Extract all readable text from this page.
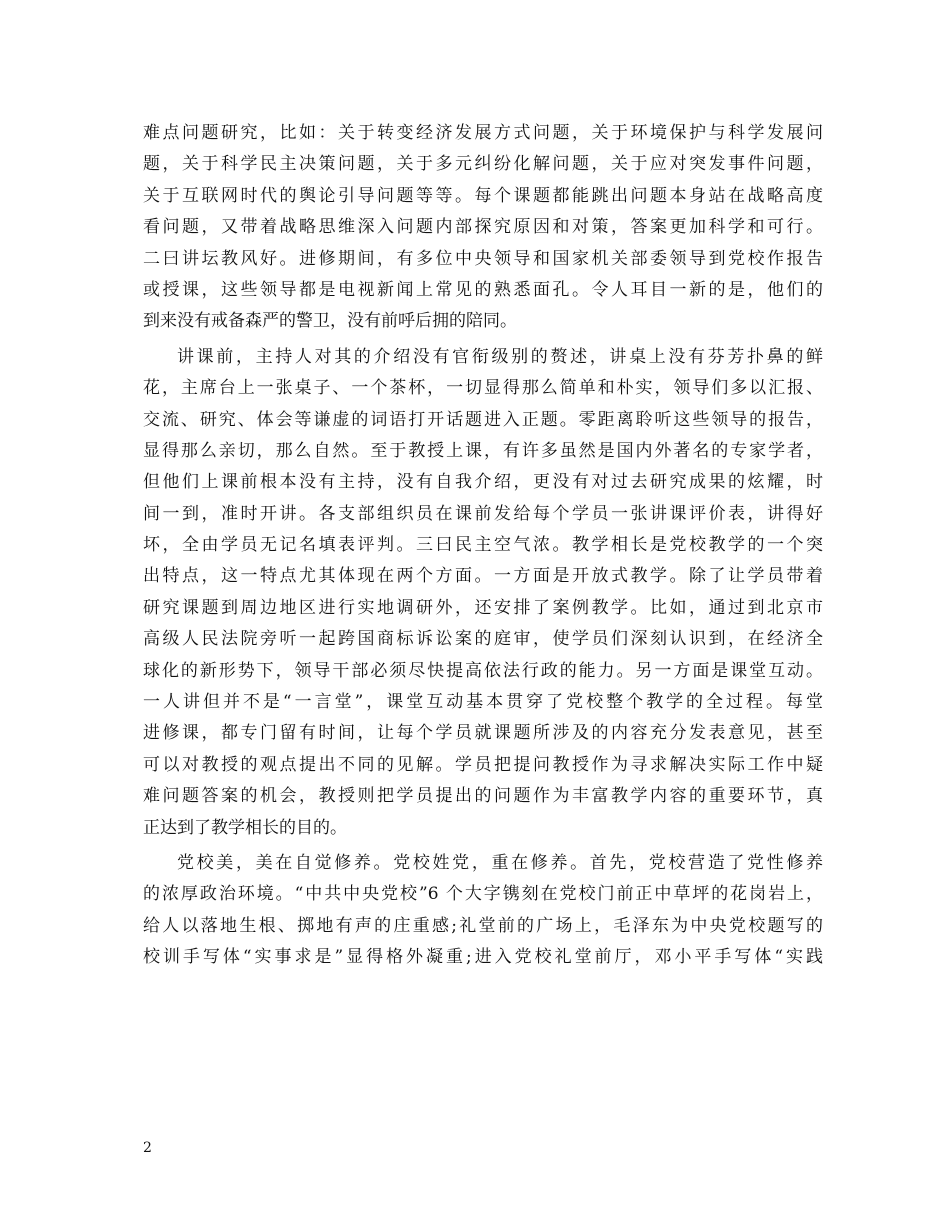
难点问题研究，比如：关于转变经济发展方式问题，关于环境保护与科学发展问
题，关于科学民主决策问题，关于多元纠纷化解问题，关于应对突发事件问题，
关于互联网时代的舆论引导问题等等。每个课题都能跳出问题本身站在战略高度
看问题，又带着战略思维深入问题内部探究原因和对策，答案更加科学和可行。
二曰讲坛教风好。进修期间，有多位中央领导和国家机关部委领导到党校作报告
或授课，这些领导都是电视新闻上常见的熟悉面孔。令人耳目一新的是，他们的
到来没有戒备森严的警卫，没有前呼后拥的陪同。
讲课前，主持人对其的介绍没有官衔级别的赘述，讲桌上没有芬芳扑鼻的鲜
花，主席台上一张桌子、一个茶杯，一切显得那么简单和朴实，领导们多以汇报、
交流、研究、体会等谦虚的词语打开话题进入正题。零距离聆听这些领导的报告，
显得那么亲切，那么自然。至于教授上课，有许多虽然是国内外著名的专家学者，
但他们上课前根本没有主持，没有自我介绍，更没有对过去研究成果的炫耀，时
间一到，准时开讲。各支部组织员在课前发给每个学员一张讲课评价表，讲得好
坏，全由学员无记名填表评判。三曰民主空气浓。教学相长是党校教学的一个突
出特点，这一特点尤其体现在两个方面。一方面是开放式教学。除了让学员带着
研究课题到周边地区进行实地调研外，还安排了案例教学。比如，通过到北京市
高级人民法院旁听一起跨国商标诉讼案的庭审，使学员们深刻认识到，在经济全
球化的新形势下，领导干部必须尽快提高依法行政的能力。另一方面是课堂互动。
一人讲但并不是“一言堂”，课堂互动基本贯穿了党校整个教学的全过程。每堂
进修课，都专门留有时间，让每个学员就课题所涉及的内容充分发表意见，甚至
可以对教授的观点提出不同的见解。学员把提问教授作为寻求解决实际工作中疑
难问题答案的机会，教授则把学员提出的问题作为丰富教学内容的重要环节，真
正达到了教学相长的目的。
党校美，美在自觉修养。党校姓党，重在修养。首先，党校营造了党性修养
的浓厚政治环境。“中共中央党校”6 个大字镌刻在党校门前正中草坪的花岗岩上，
给人以落地生根、掷地有声的庄重感;礼堂前的广场上，毛泽东为中央党校题写的
校训手写体“实事求是”显得格外凝重;进入党校礼堂前厅，邓小平手写体“实践
2
